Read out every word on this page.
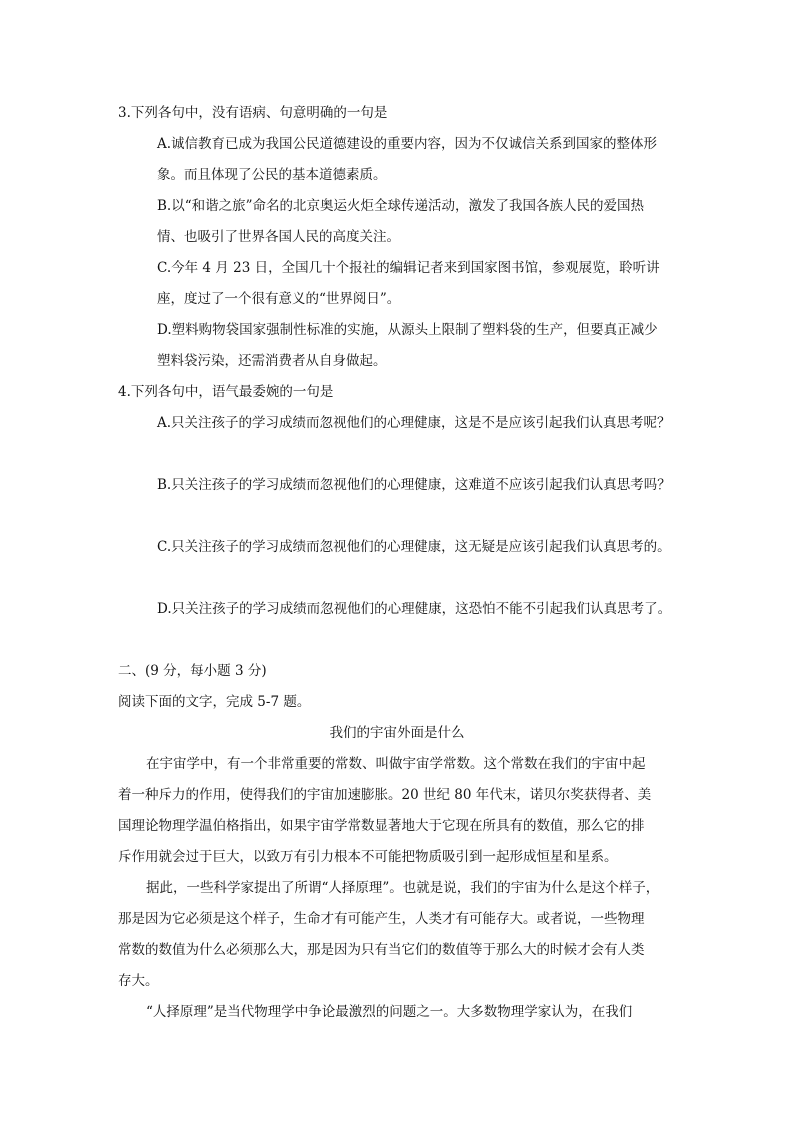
3.下列各句中，没有语病、句意明确的一句是
A.诚信教育已成为我国公民道德建设的重要内容，因为不仅诚信关系到国家的整体形
象。而且体现了公民的基本道德素质。
B.以“和谐之旅”命名的北京奥运火炬全球传递活动，激发了我国各族人民的爱国热
情、也吸引了世界各国人民的高度关注。
C.今年 4 月 23 日，全国几十个报社的编辑记者来到国家图书馆，参观展览，聆听讲
座，度过了一个很有意义的“世界阅日”。
D.塑料购物袋国家强制性标准的实施，从源头上限制了塑料袋的生产，但要真正减少
塑料袋污染，还需消费者从自身做起。
4.下列各句中，语气最委婉的一句是
A.只关注孩子的学习成绩而忽视他们的心理健康，这是不是应该引起我们认真思考呢？
B.只关注孩子的学习成绩而忽视他们的心理健康，这难道不应该引起我们认真思考吗？
C.只关注孩子的学习成绩而忽视他们的心理健康，这无疑是应该引起我们认真思考的。
D.只关注孩子的学习成绩而忽视他们的心理健康，这恐怕不能不引起我们认真思考了。
二、(9 分，每小题 3 分)
阅读下面的文字，完成 5-7 题。
我们的宇宙外面是什么
在宇宙学中，有一个非常重要的常数、叫做宇宙学常数。这个常数在我们的宇宙中起
着一种斥力的作用，使得我们的宇宙加速膨胀。20 世纪 80 年代末，诺贝尔奖获得者、美
国理论物理学温伯格指出，如果宇宙学常数显著地大于它现在所具有的数值，那么它的排
斥作用就会过于巨大，以致万有引力根本不可能把物质吸引到一起形成恒星和星系。
据此，一些科学家提出了所谓“人择原理”。也就是说，我们的宇宙为什么是这个样子，
那是因为它必须是这个样子，生命才有可能产生，人类才有可能存大。或者说，一些物理
常数的数值为什么必须那么大，那是因为只有当它们的数值等于那么大的时候才会有人类
存大。
“人择原理”是当代物理学中争论最激烈的问题之一。大多数物理学家认为，在我们
